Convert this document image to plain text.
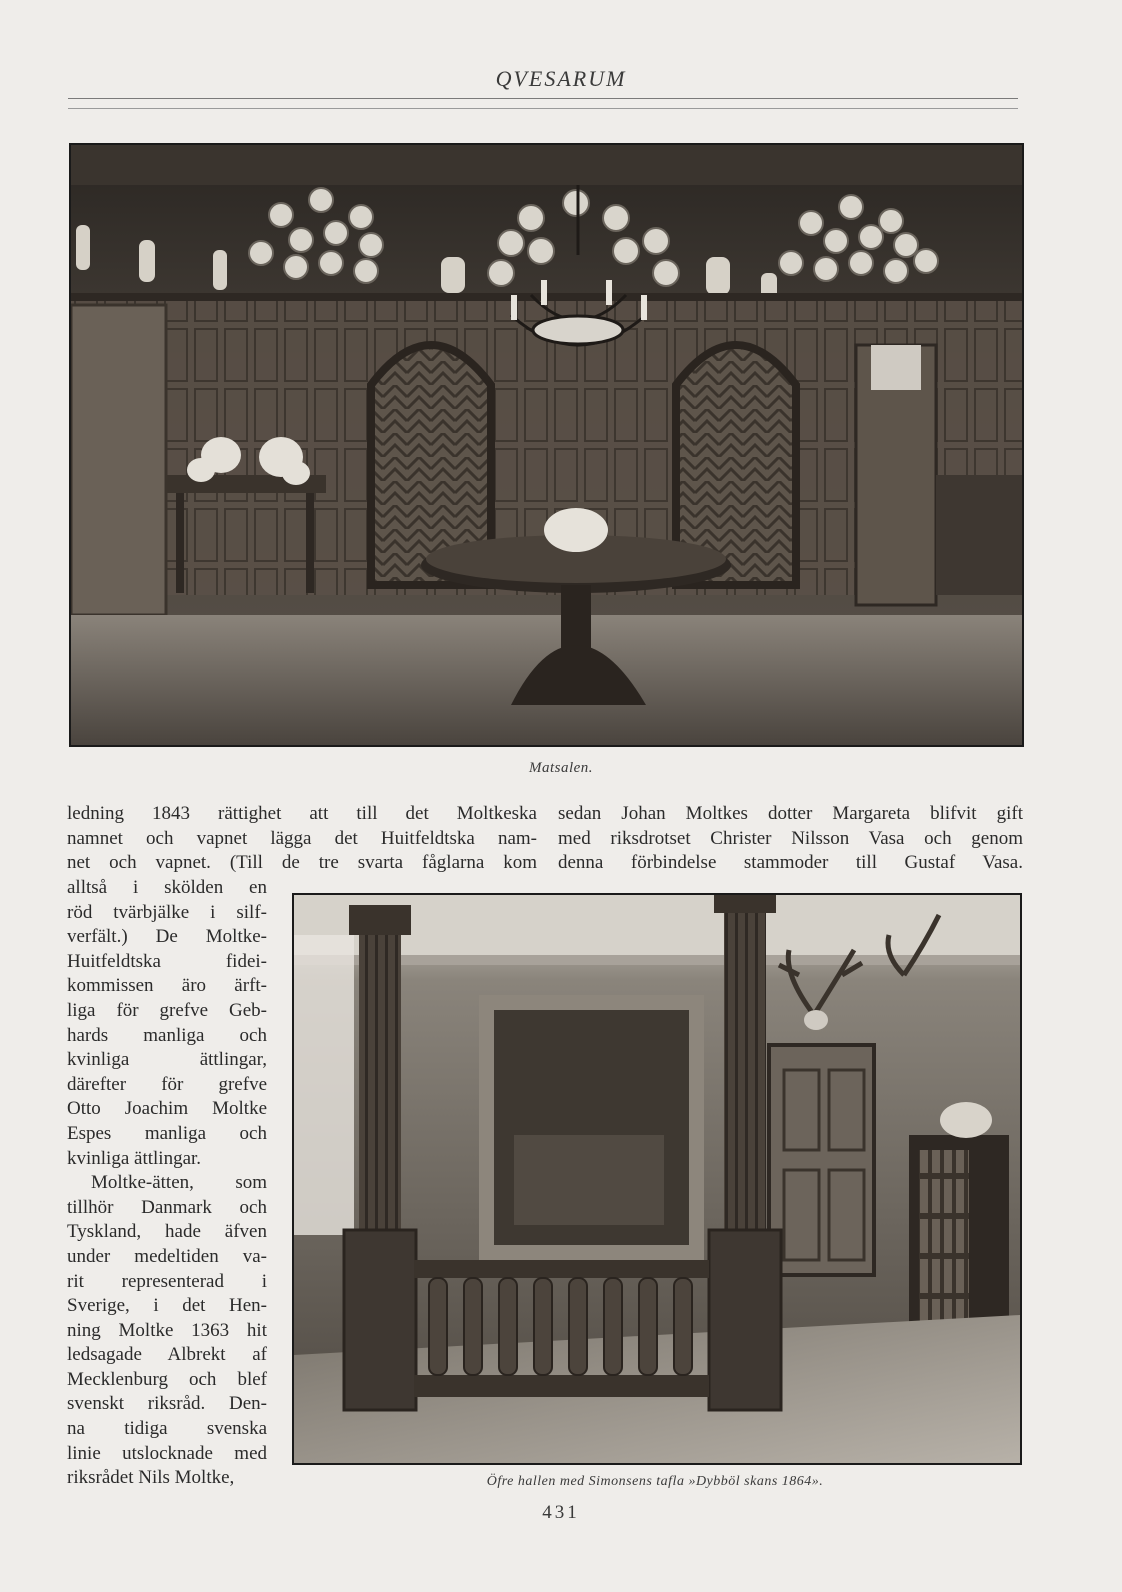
QVESARUM
Matsalen.
ledning 1843 rättighet att till det Moltkeska
namnet och vapnet lägga det Huitfeldtska nam-
net och vapnet. (Till de tre svarta fåglarna kom
sedan Johan Moltkes dotter Margareta blifvit gift
med riksdrotset Christer Nilsson Vasa och genom
denna förbindelse stammoder till Gustaf Vasa.
alltså i skölden en
röd tvärbjälke i silf-
verfält.) De Moltke-
Huitfeldtska fidei-
kommissen äro ärft-
liga för grefve Geb-
hards manliga och
kvinliga ättlingar,
därefter för grefve
Otto Joachim Moltke
Espes manliga och
kvinliga ättlingar.
Moltke-ätten, som
tillhör Danmark och
Tyskland, hade äfven
under medeltiden va-
rit representerad i
Sverige, i det Hen-
ning Moltke 1363 hit
ledsagade Albrekt af
Mecklenburg och blef
svenskt riksråd. Den-
na tidiga svenska
linie utslocknade med
riksrådet Nils Moltke,	Öfre hallen med Simonsens tafla »Dybböl skans 1864».
431
